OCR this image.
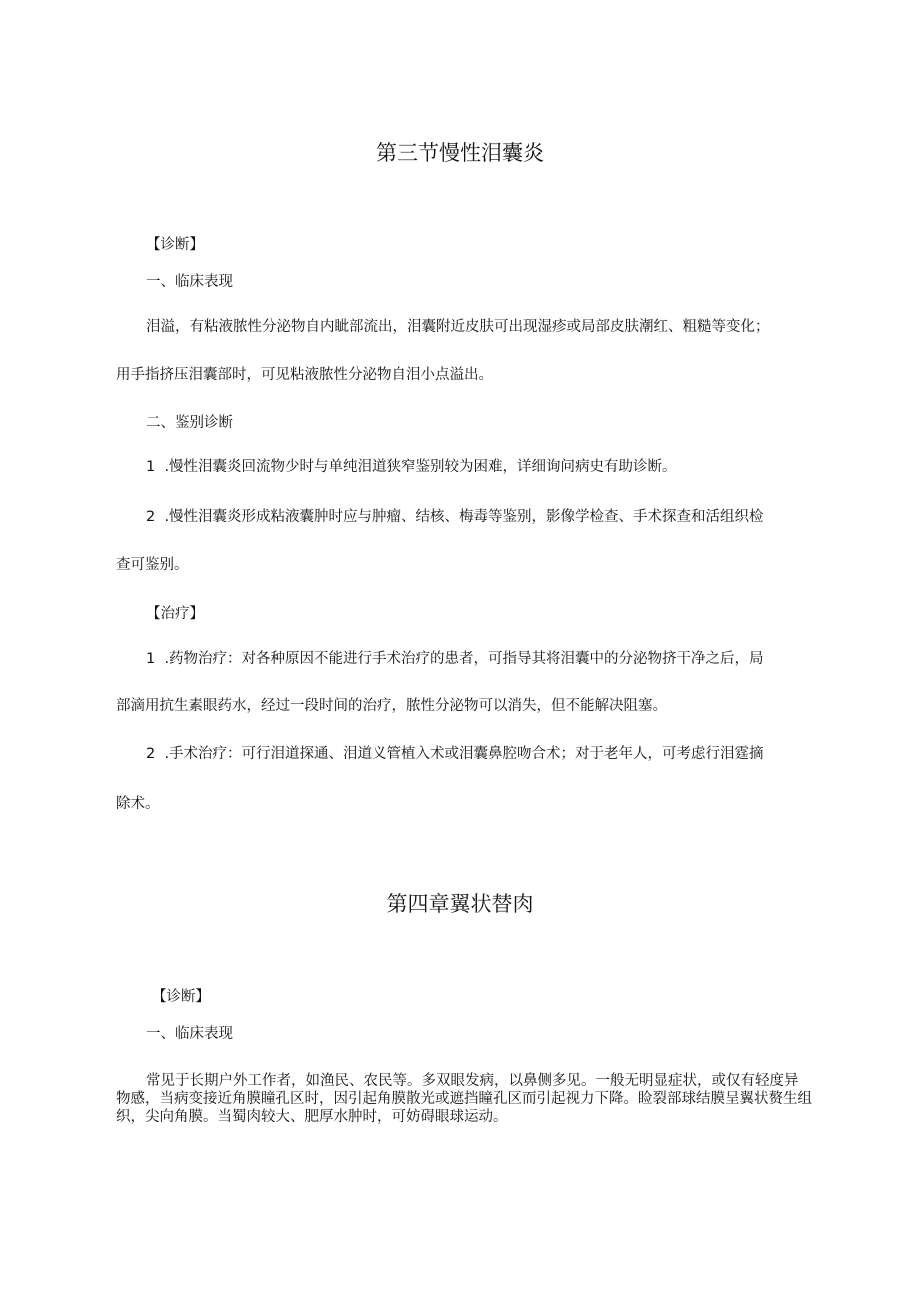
第三节慢性泪囊炎
【诊断】
一、临床表现
泪溢，有粘液脓性分泌物自内眦部流出，泪囊附近皮肤可出现湿疹或局部皮肤潮红、粗糙等变化；
用手指挤压泪囊部时，可见粘液脓性分泌物自泪小点溢出。
二、鉴别诊断
1  .慢性泪囊炎回流物少时与单纯泪道狭窄鉴别较为困难，详细询问病史有助诊断。
2  .慢性泪囊炎形成粘液囊肿时应与肿瘤、结核、梅毒等鉴别，影像学检查、手术探查和活组织检
查可鉴别。
【治疗】
1  .药物治疗：对各种原因不能进行手术治疗的患者，可指导其将泪囊中的分泌物挤干净之后，局
部滴用抗生素眼药水，经过一段时间的治疗，脓性分泌物可以消失，但不能解决阻塞。
2  .手术治疗：可行泪道探通、泪道义管植入术或泪囊鼻腔吻合术；对于老年人，可考虑行泪霆摘
除术。
第四章翼状替肉
【诊断】
一、临床表现
常见于长期户外工作者，如渔民、农民等。多双眼发病，以鼻侧多见。一般无明显症状，或仅有轻度异物感，当病变接近角膜瞳孔区时，因引起角膜散光或遮挡瞳孔区而引起视力下降。睑裂部球结膜呈翼状赘生组织，尖向角膜。当蜀肉较大、肥厚水肿时，可妨碍眼球运动。
